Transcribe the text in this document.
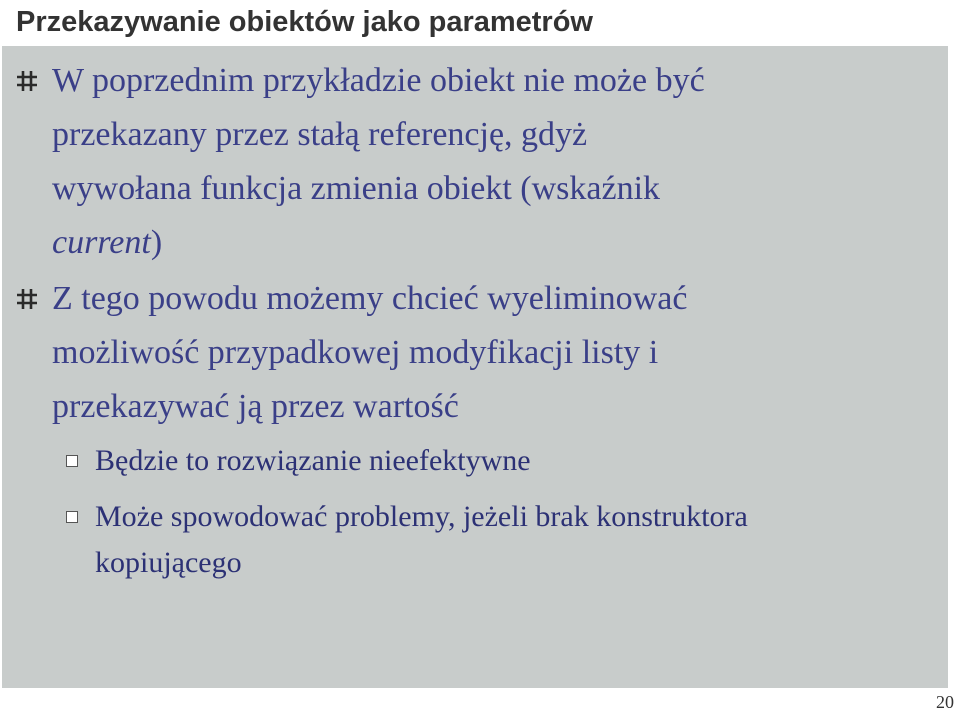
Przekazywanie obiektów jako parametrów
W poprzednim przykładzie obiekt nie może być
przekazany przez stałą referencję, gdyż
wywołana funkcja zmienia obiekt (wskaźnik
current)
Z tego powodu możemy chcieć wyeliminować
możliwość przypadkowej modyfikacji listy i
przekazywać ją przez wartość
Będzie to rozwiązanie nieefektywne
Może spowodować problemy, jeżeli brak konstruktora
kopiującego
20
